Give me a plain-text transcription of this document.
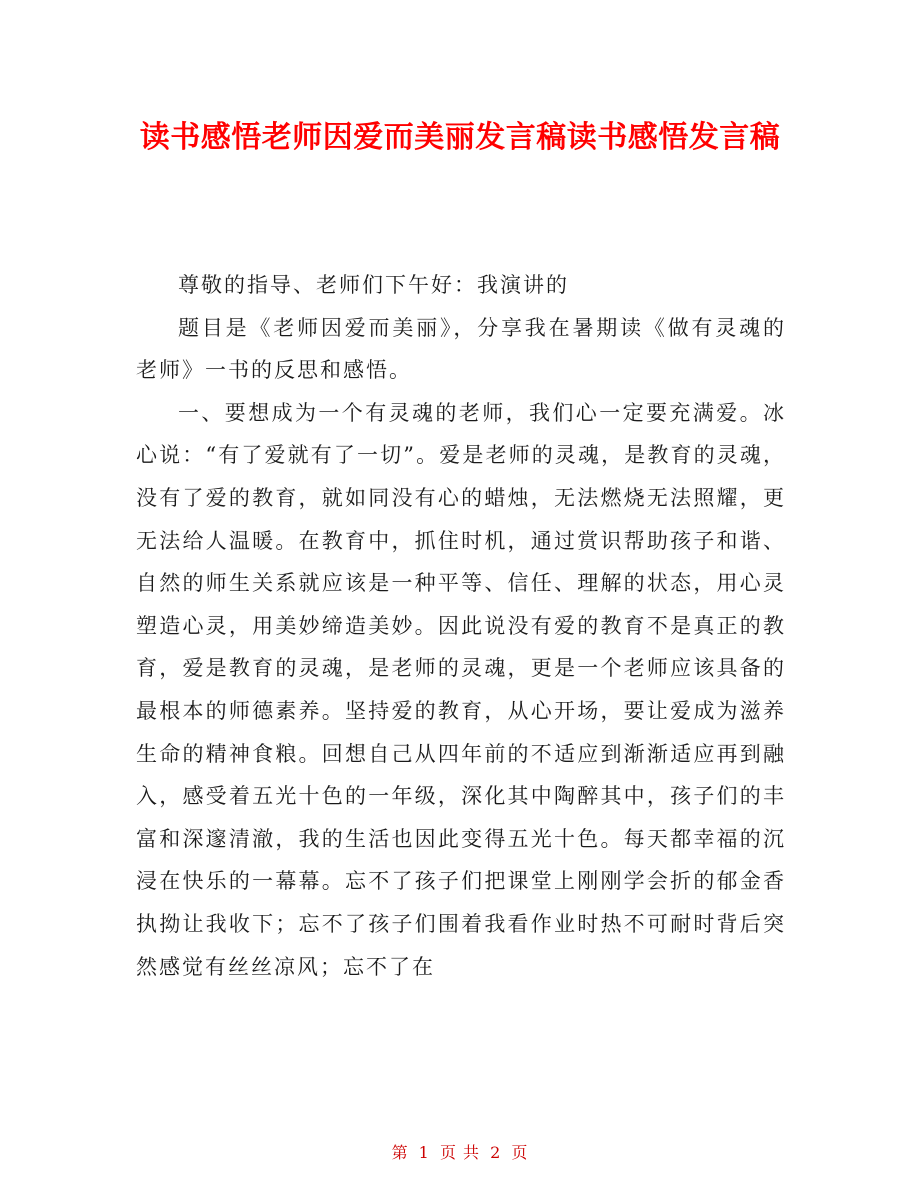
读书感悟老师因爱而美丽发言稿读书感悟发言稿

尊敬的指导、老师们下午好：我演讲的

题目是《老师因爱而美丽》，分享我在暑期读《做有灵魂的老师》一书的反思和感悟。

一、要想成为一个有灵魂的老师，我们心一定要充满爱。冰心说：“有了爱就有了一切”。爱是老师的灵魂，是教育的灵魂，没有了爱的教育，就如同没有心的蜡烛，无法燃烧无法照耀，更无法给人温暖。在教育中，抓住时机，通过赏识帮助孩子和谐、自然的师生关系就应该是一种平等、信任、理解的状态，用心灵塑造心灵，用美妙缔造美妙。因此说没有爱的教育不是真正的教育，爱是教育的灵魂，是老师的灵魂，更是一个老师应该具备的最根本的师德素养。坚持爱的教育，从心开场，要让爱成为滋养生命的精神食粮。回想自己从四年前的不适应到渐渐适应再到融入，感受着五光十色的一年级，深化其中陶醉其中，孩子们的丰富和深邃清澈，我的生活也因此变得五光十色。每天都幸福的沉浸在快乐的一幕幕。忘不了孩子们把课堂上刚刚学会折的郁金香执拗让我收下；忘不了孩子们围着我看作业时热不可耐时背后突然感觉有丝丝凉风；忘不了在

第 1 页 共 2 页
